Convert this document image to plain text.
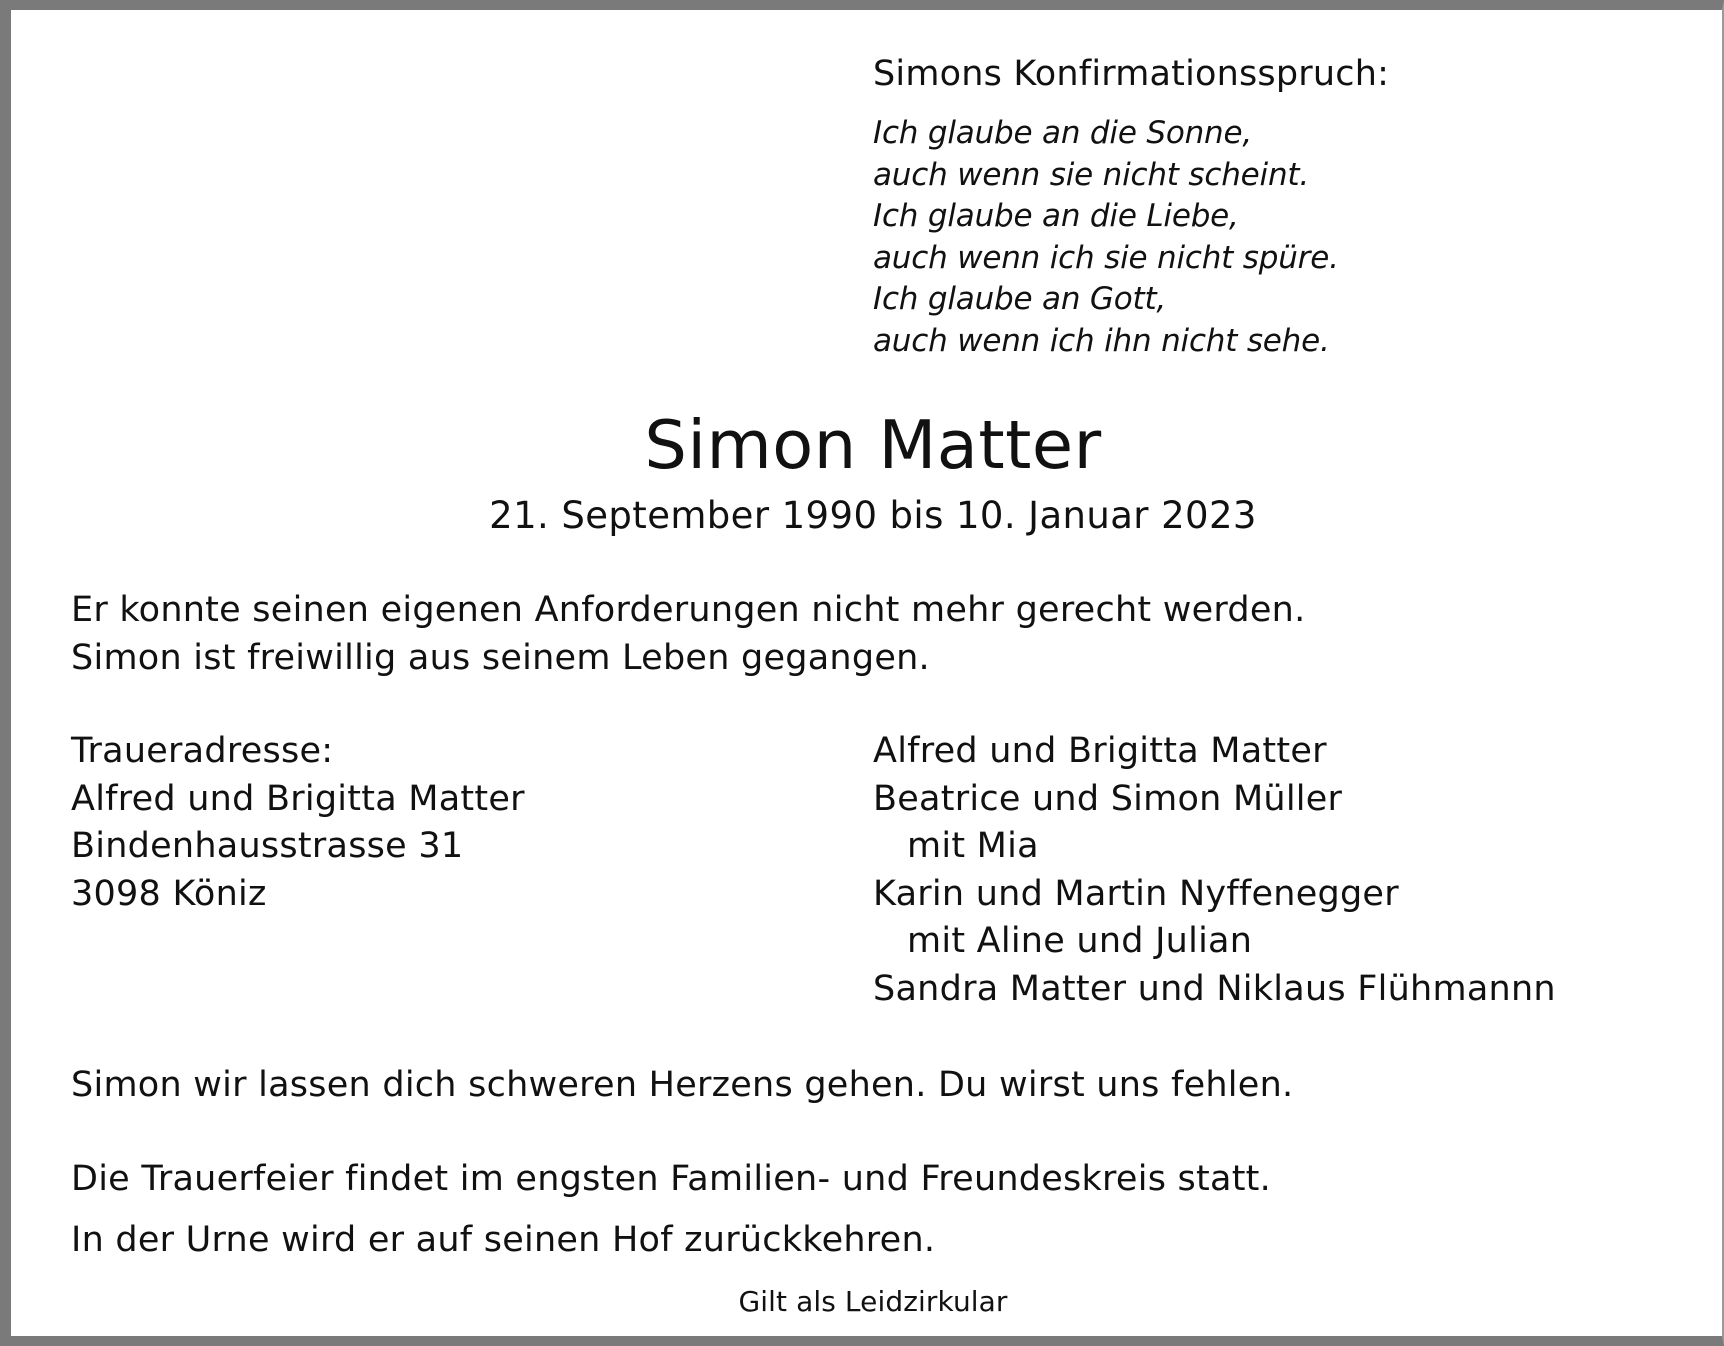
Simons Konfirmationsspruch:
Ich glaube an die Sonne,
auch wenn sie nicht scheint.
Ich glaube an die Liebe,
auch wenn ich sie nicht spüre.
Ich glaube an Gott,
auch wenn ich ihn nicht sehe.
Simon Matter
21. September 1990 bis 10. Januar 2023
Er konnte seinen eigenen Anforderungen nicht mehr gerecht werden.
Simon ist freiwillig aus seinem Leben gegangen.
Traueradresse:
Alfred und Brigitta Matter
Bindenhausstrasse 31
3098 Köniz
Alfred und Brigitta Matter
Beatrice und Simon Müller
mit Mia
Karin und Martin Nyffenegger
mit Aline und Julian
Sandra Matter und Niklaus Flühmannn
Simon wir lassen dich schweren Herzens gehen. Du wirst uns fehlen.
Die Trauerfeier findet im engsten Familien- und Freundeskreis statt.
In der Urne wird er auf seinen Hof zurückkehren.
Gilt als Leidzirkular
